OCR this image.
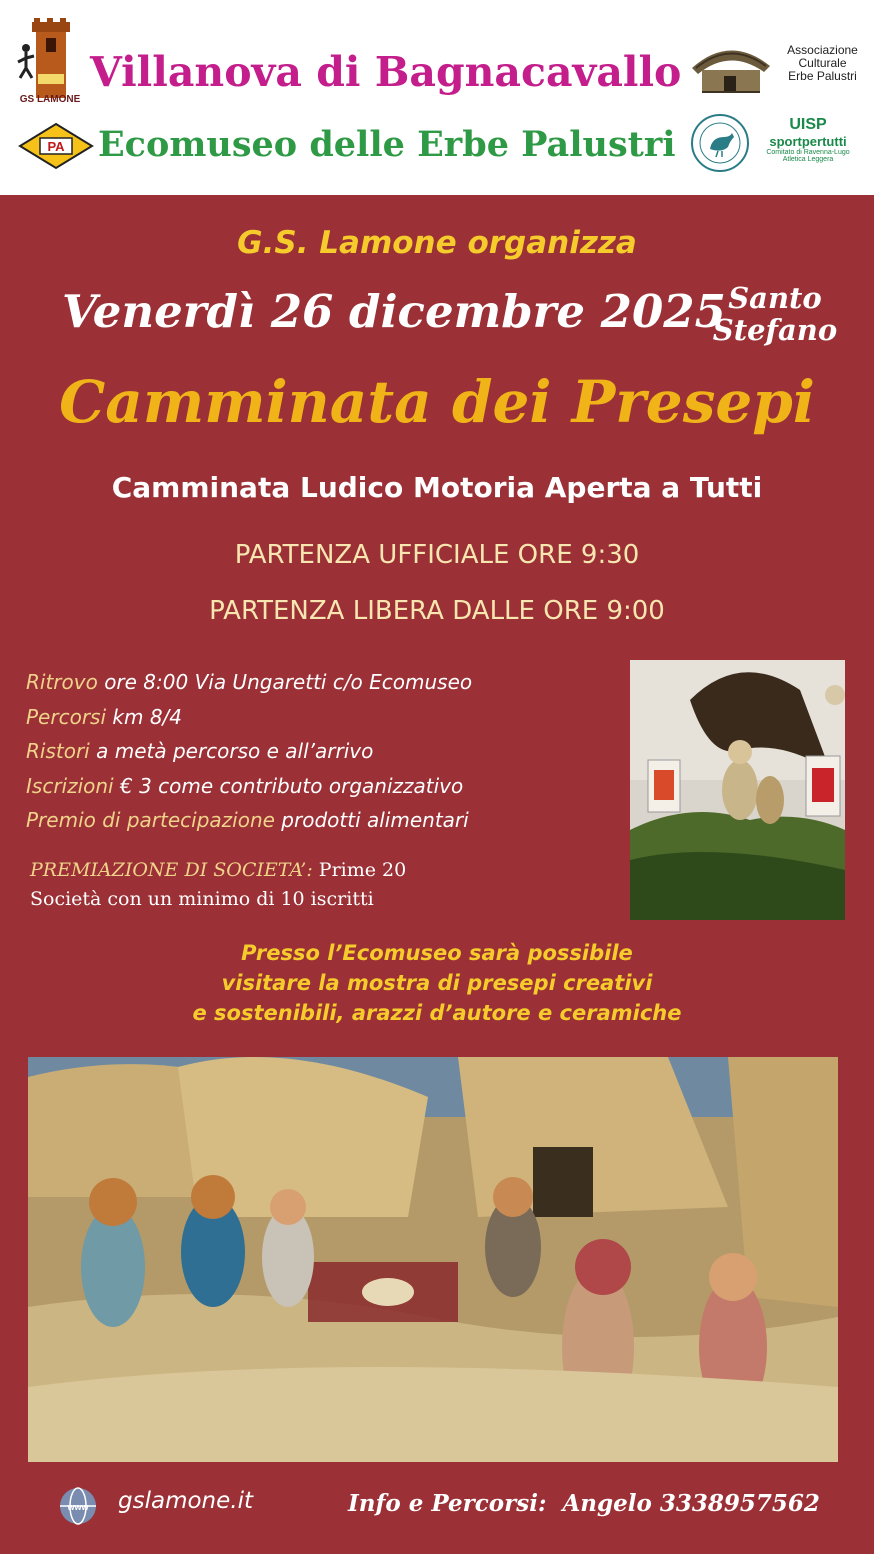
GS LAMONE
PA
Villanova di Bagnacavallo
Ecomuseo delle Erbe Palustri
Associazione
Culturale
Erbe Palustri
UISP
sportpertutti
Comitato di Ravenna-Lugo
Atletica Leggera
G.S. Lamone organizza
Venerdì 26 dicembre 2025 Santo
Stefano
Camminata dei Presepi
Camminata Ludico Motoria Aperta a Tutti
PARTENZA UFFICIALE ORE 9:30
PARTENZA LIBERA DALLE ORE 9:00
Ritrovo ore 8:00 Via Ungaretti c/o Ecomuseo
Percorsi km 8/4
Ristori a metà percorso e all’arrivo
Iscrizioni € 3 come contributo organizzativo
Premio di partecipazione prodotti alimentari
PREMIAZIONE DI SOCIETA’: Prime 20
Società con un minimo di 10 iscritti
Presso l’Ecomuseo sarà possibile
visitare la mostra di presepi creativi
e sostenibili, arazzi d’autore e ceramiche
www gslamone.it	Info e Percorsi: Angelo 3338957562
